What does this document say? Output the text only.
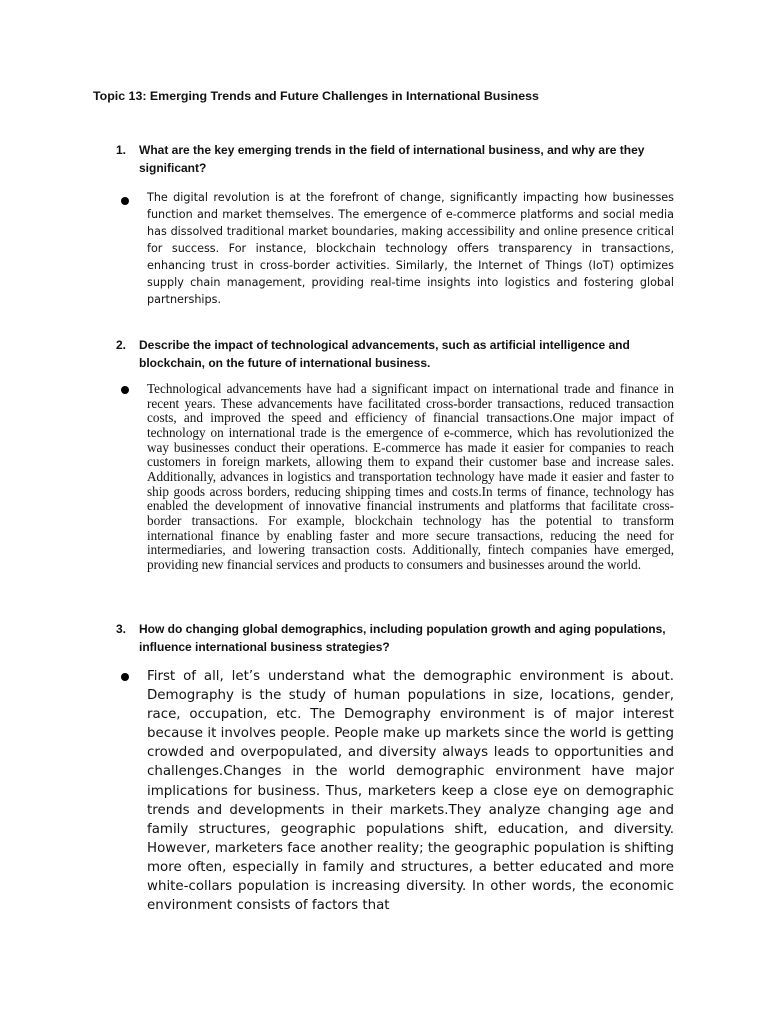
Topic 13: Emerging Trends and Future Challenges in International Business
1.	What are the key emerging trends in the field of international business, and why are they significant?

The digital revolution is at the forefront of change, significantly impacting how businesses function and market themselves. The emergence of e-commerce platforms and social media has dissolved traditional market boundaries, making accessibility and online presence critical for success. For instance, blockchain technology offers transparency in transactions, enhancing trust in cross-border activities. Similarly, the Internet of Things (IoT) optimizes supply chain management, providing real-time insights into logistics and fostering global partnerships.

2.	Describe the impact of technological advancements, such as artificial intelligence and blockchain, on the future of international business.

Technological advancements have had a significant impact on international trade and finance in recent years. These advancements have facilitated cross-border transactions, reduced transaction costs, and improved the speed and efficiency of financial transactions.One major impact of technology on international trade is the emergence of e-commerce, which has revolutionized the way businesses conduct their operations. E-commerce has made it easier for companies to reach customers in foreign markets, allowing them to expand their customer base and increase sales. Additionally, advances in logistics and transportation technology have made it easier and faster to ship goods across borders, reducing shipping times and costs.In terms of finance, technology has enabled the development of innovative financial instruments and platforms that facilitate cross-border transactions. For example, blockchain technology has the potential to transform international finance by enabling faster and more secure transactions, reducing the need for intermediaries, and lowering transaction costs. Additionally, fintech companies have emerged, providing new financial services and products to consumers and businesses around the world.

3.	How do changing global demographics, including population growth and aging populations, influence international business strategies?

First of all, let’s understand what the demographic environment is about. Demography is the study of human populations in size, locations, gender, race, occupation, etc. The Demography environment is of major interest because it involves people. People make up markets since the world is getting crowded and overpopulated, and diversity always leads to opportunities and challenges.Changes in the world demographic environment have major implications for business. Thus, marketers keep a close eye on demographic trends and developments in their markets.They analyze changing age and family structures, geographic populations shift, education, and diversity. However, marketers face another reality; the geographic population is shifting more often, especially in family and structures, a better educated and more white-collars population is increasing diversity. In other words, the economic environment consists of factors that
